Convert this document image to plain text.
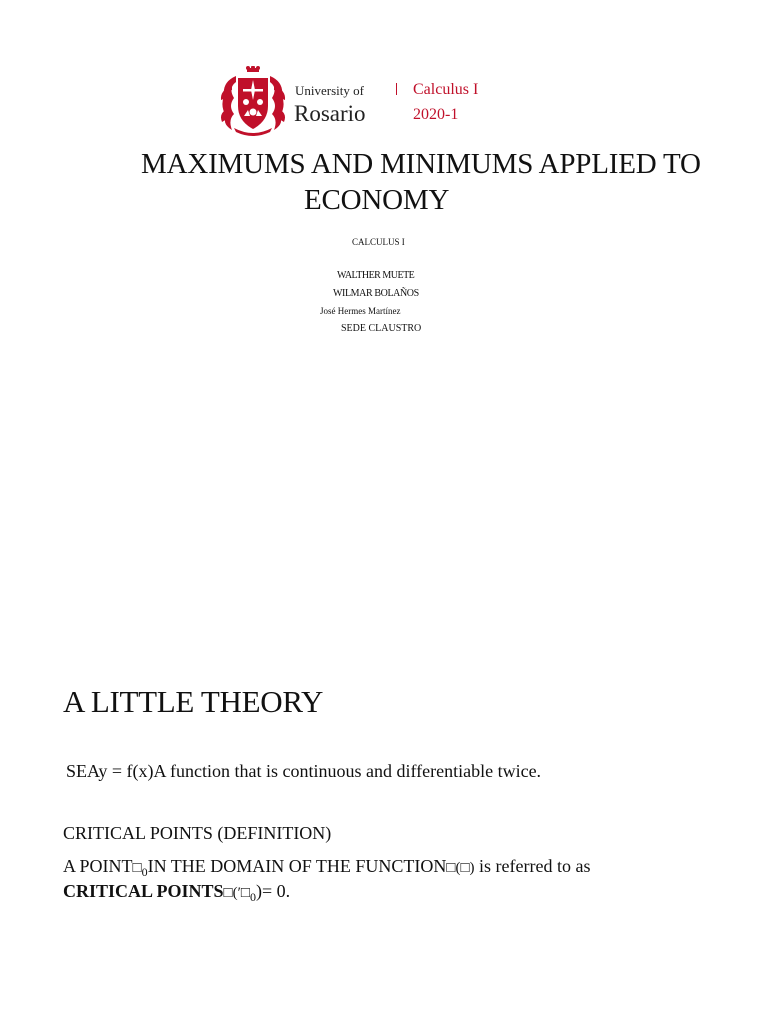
University of
Rosario
Calculus I
2020-1
MAXIMUMS AND MINIMUMS APPLIED TO
ECONOMY
CALCULUS I
WALTHER MUETE
WILMAR BOLAÑOS
José Hermes Martínez
SEDE CLAUSTRO
A LITTLE THEORY
SEAy = f(x)A function that is continuous and differentiable twice.
CRITICAL POINTS (DEFINITION)
A $POINT□_0IN$ THE DOMAIN OF THE FUNCTION□(□) is referred to as
CRITICAL $POINTS□('□_0)= 0$.
